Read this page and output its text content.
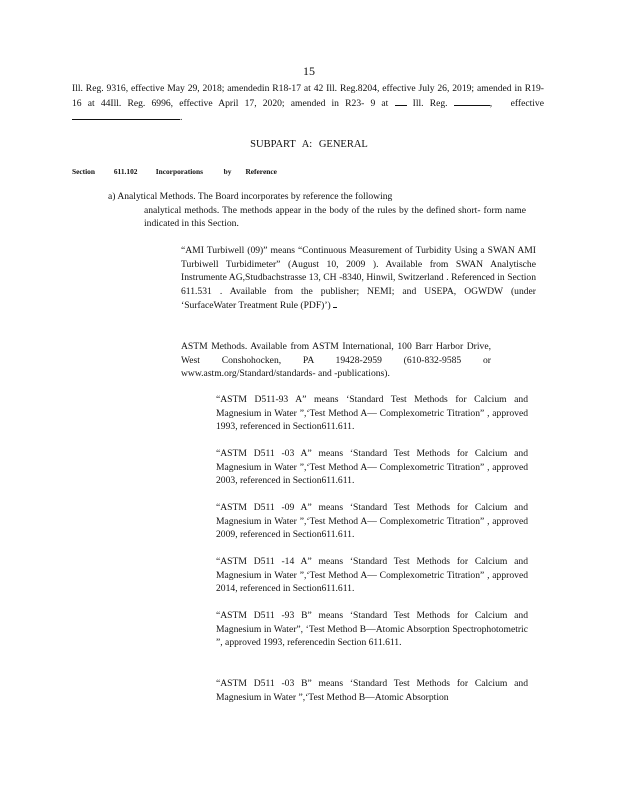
15

Ill. Reg. 9316, effective May 29, 2018; amendedin R18-17 at 42 Ill. Reg.8204, effective July 26, 2019; amended in R19-16 at 44Ill. Reg. 6996, effective April 17, 2020; amended in R23- 9 at	Ill. Reg.	, effective .

SUBPART A: GENERAL
Section	611.102 Incorporations	by Reference

a) Analytical Methods. The Board incorporates by reference the following

analytical methods. The methods appear in the body of the rules by the defined short- form name indicated in this Section.

“AMI Turbiwell (09)” means “Continuous Measurement of Turbidity Using a SWAN AMI Turbiwell Turbidimeter” (August 10, 2009 ). Available from SWAN Analytische Instrumente AG,Studbachstrasse 13, CH -8340, Hinwil, Switzerland . Referenced in Section 611.531 . Available from the publisher; NEMI; and USEPA, OGWDW (under ‘SurfaceWater Treatment Rule (PDF)’)

ASTM Methods. Available from ASTM International, 100 Barr Harbor Drive, West Conshohocken, PA 19428-2959 (610-832-9585 or www.astm.org/Standard/standards- and -publications).

“ASTM D511-93 A” means ‘Standard Test Methods for Calcium and Magnesium in Water ”,‘Test Method A— Complexometric Titration” , approved 1993, referenced in Section611.611.

“ASTM D511 -03 A” means ‘Standard Test Methods for Calcium and Magnesium in Water ”,‘Test Method A— Complexometric Titration” , approved 2003, referenced in Section611.611.

“ASTM D511 -09 A” means ‘Standard Test Methods for Calcium and Magnesium in Water ”,‘Test Method A— Complexometric Titration” , approved 2009, referenced in Section611.611.

“ASTM D511 -14 A” means ‘Standard Test Methods for Calcium and Magnesium in Water ”,‘Test Method A— Complexometric Titration” , approved 2014, referenced in Section611.611.

“ASTM D511 -93 B” means ‘Standard Test Methods for Calcium and Magnesium in Water”, ‘Test Method B—Atomic Absorption Spectrophotometric ”, approved 1993, referencedin Section 611.611.

“ASTM D511 -03 B” means ‘Standard Test Methods for Calcium and Magnesium in Water ”,‘Test Method B—Atomic Absorption
